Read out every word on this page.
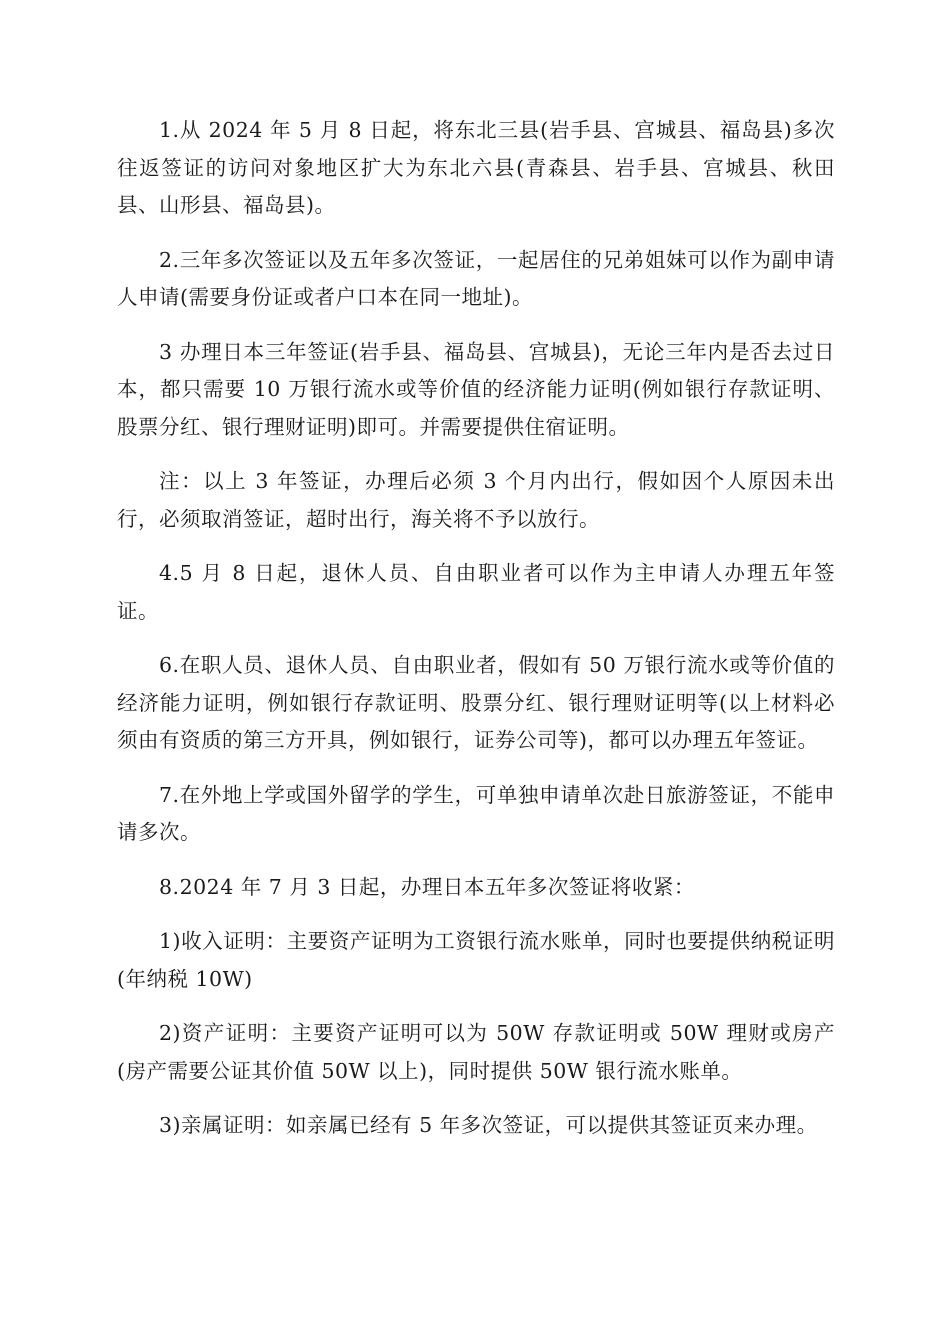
1.从 2024 年 5 月 8 日起，将东北三县(岩手县、宫城县、福岛县)多次往返签证的访问对象地区扩大为东北六县(青森县、岩手县、宫城县、秋田县、山形县、福岛县)。

2.三年多次签证以及五年多次签证，一起居住的兄弟姐妹可以作为副申请人申请(需要身份证或者户口本在同一地址)。

3 办理日本三年签证(岩手县、福岛县、宫城县)，无论三年内是否去过日本，都只需要 10 万银行流水或等价值的经济能力证明(例如银行存款证明、股票分红、银行理财证明)即可。并需要提供住宿证明。

注：以上 3 年签证，办理后必须 3 个月内出行，假如因个人原因未出行，必须取消签证，超时出行，海关将不予以放行。

4.5 月 8 日起，退休人员、自由职业者可以作为主申请人办理五年签证。

6.在职人员、退休人员、自由职业者，假如有 50 万银行流水或等价值的经济能力证明，例如银行存款证明、股票分红、银行理财证明等(以上材料必须由有资质的第三方开具，例如银行，证券公司等)，都可以办理五年签证。

7.在外地上学或国外留学的学生，可单独申请单次赴日旅游签证，不能申请多次。

8.2024 年 7 月 3 日起，办理日本五年多次签证将收紧：

1)收入证明：主要资产证明为工资银行流水账单，同时也要提供纳税证明(年纳税 10W)

2)资产证明：主要资产证明可以为 50W 存款证明或 50W 理财或房产(房产需要公证其价值 50W 以上)，同时提供 50W 银行流水账单。

3)亲属证明：如亲属已经有 5 年多次签证，可以提供其签证页来办理。
